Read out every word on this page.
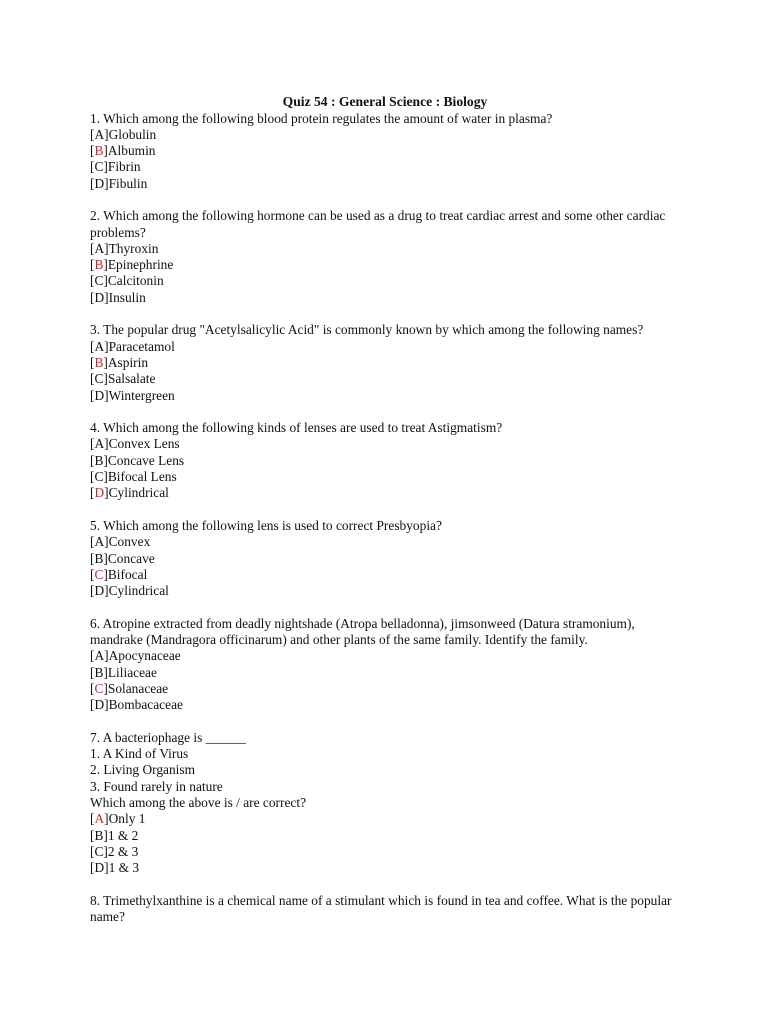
Quiz 54 : General Science : Biology
1. Which among the following blood protein regulates the amount of water in plasma?
[A]Globulin
[B]Albumin
[C]Fibrin
[D]Fibulin
2. Which among the following hormone can be used as a drug to treat cardiac arrest and some other cardiac problems?
[A]Thyroxin
[B]Epinephrine
[C]Calcitonin
[D]Insulin
3. The popular drug "Acetylsalicylic Acid" is commonly known by which among the following names?
[A]Paracetamol
[B]Aspirin
[C]Salsalate
[D]Wintergreen
4. Which among the following kinds of lenses are used to treat Astigmatism?
[A]Convex Lens
[B]Concave Lens
[C]Bifocal Lens
[D]Cylindrical
5. Which among the following lens is used to correct Presbyopia?
[A]Convex
[B]Concave
[C]Bifocal
[D]Cylindrical
6. Atropine extracted from deadly nightshade (Atropa belladonna), jimsonweed (Datura stramonium), mandrake (Mandragora officinarum) and other plants of the same family. Identify the family.
[A]Apocynaceae
[B]Liliaceae
[C]Solanaceae
[D]Bombacaceae
7. A bacteriophage is ______
1. A Kind of Virus
2. Living Organism
3. Found rarely in nature
Which among the above is / are correct?
[A]Only 1
[B]1 & 2
[C]2 & 3
[D]1 & 3
8. Trimethylxanthine is a chemical name of a stimulant which is found in tea and coffee. What is the popular name?
